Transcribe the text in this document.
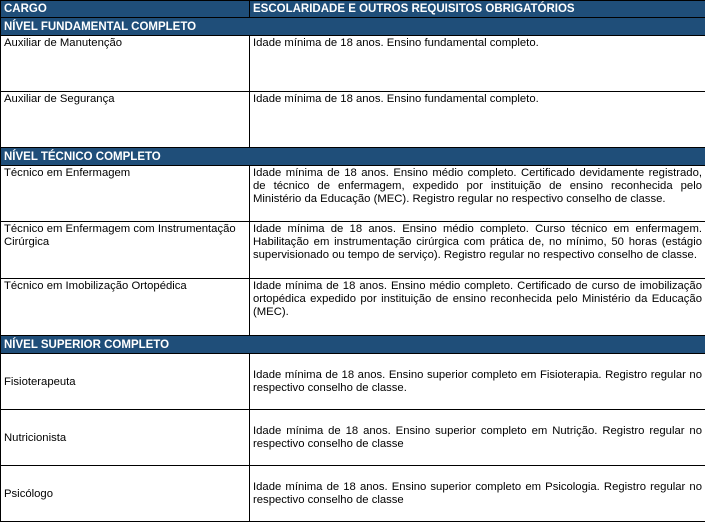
CARGO	ESCOLARIDADE E OUTROS REQUISITOS OBRIGATÓRIOS
NÍVEL FUNDAMENTAL COMPLETO	
Auxiliar de Manutenção	Idade mínima de 18 anos. Ensino fundamental completo.
Auxiliar de Segurança	Idade mínima de 18 anos. Ensino fundamental completo.
NÍVEL TÉCNICO COMPLETO	
Técnico em Enfermagem	Idade mínima de 18 anos. Ensino médio completo. Certificado devidamente registrado, de técnico de enfermagem, expedido por instituição de ensino reconhecida pelo Ministério da Educação (MEC). Registro regular no respectivo conselho de classe.
Técnico em Enfermagem com Instrumentação Cirúrgica	Idade mínima de 18 anos. Ensino médio completo. Curso técnico em enfermagem. Habilitação em instrumentação cirúrgica com prática de, no mínimo, 50 horas (estágio supervisionado ou tempo de serviço). Registro regular no respectivo conselho de classe.
Técnico em Imobilização Ortopédica	Idade mínima de 18 anos. Ensino médio completo. Certificado de curso de imobilização ortopédica expedido por instituição de ensino reconhecida pelo Ministério da Educação (MEC).
NÍVEL SUPERIOR COMPLETO	
Fisioterapeuta	Idade mínima de 18 anos. Ensino superior completo em Fisioterapia. Registro regular no respectivo conselho de classe.
Nutricionista	Idade mínima de 18 anos. Ensino superior completo em Nutrição. Registro regular no respectivo conselho de classe
Psicólogo	Idade mínima de 18 anos. Ensino superior completo em Psicologia. Registro regular no respectivo conselho de classe
